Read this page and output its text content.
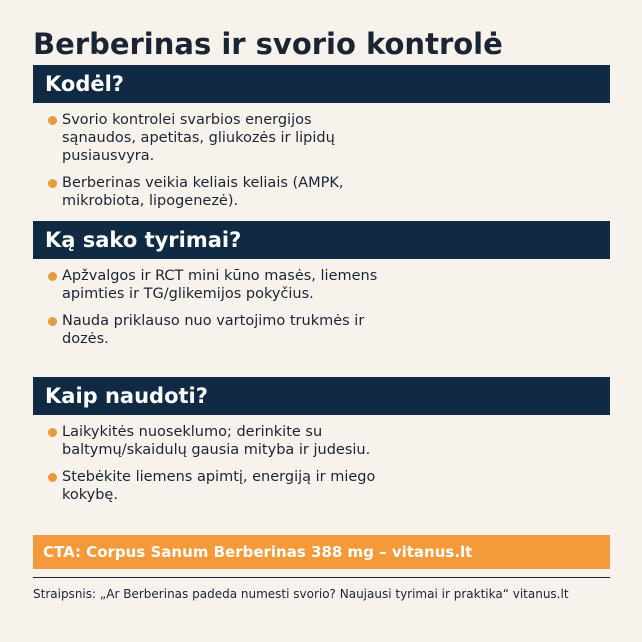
Berberinas ir svorio kontrolė
Kodėl?
Svorio kontrolei svarbios energijos sąnaudos, apetitas, gliukozės ir lipidų pusiausvyra.
Berberinas veikia keliais keliais (AMPK, mikrobiota, lipogenezė).
Ką sako tyrimai?
Apžvalgos ir RCT mini kūno masės, liemens apimties ir TG/glikemijos pokyčius.
Nauda priklauso nuo vartojimo trukmės ir dozės.
Kaip naudoti?
Laikykitės nuoseklumo; derinkite su baltymų/skaidulų gausia mityba ir judesiu.
Stebėkite liemens apimtį, energiją ir miego kokybę.
CTA: Corpus Sanum Berberinas 388 mg – vitanus.lt
Straipsnis: „Ar Berberinas padeda numesti svorio? Naujausi tyrimai ir praktika“ vitanus.lt
